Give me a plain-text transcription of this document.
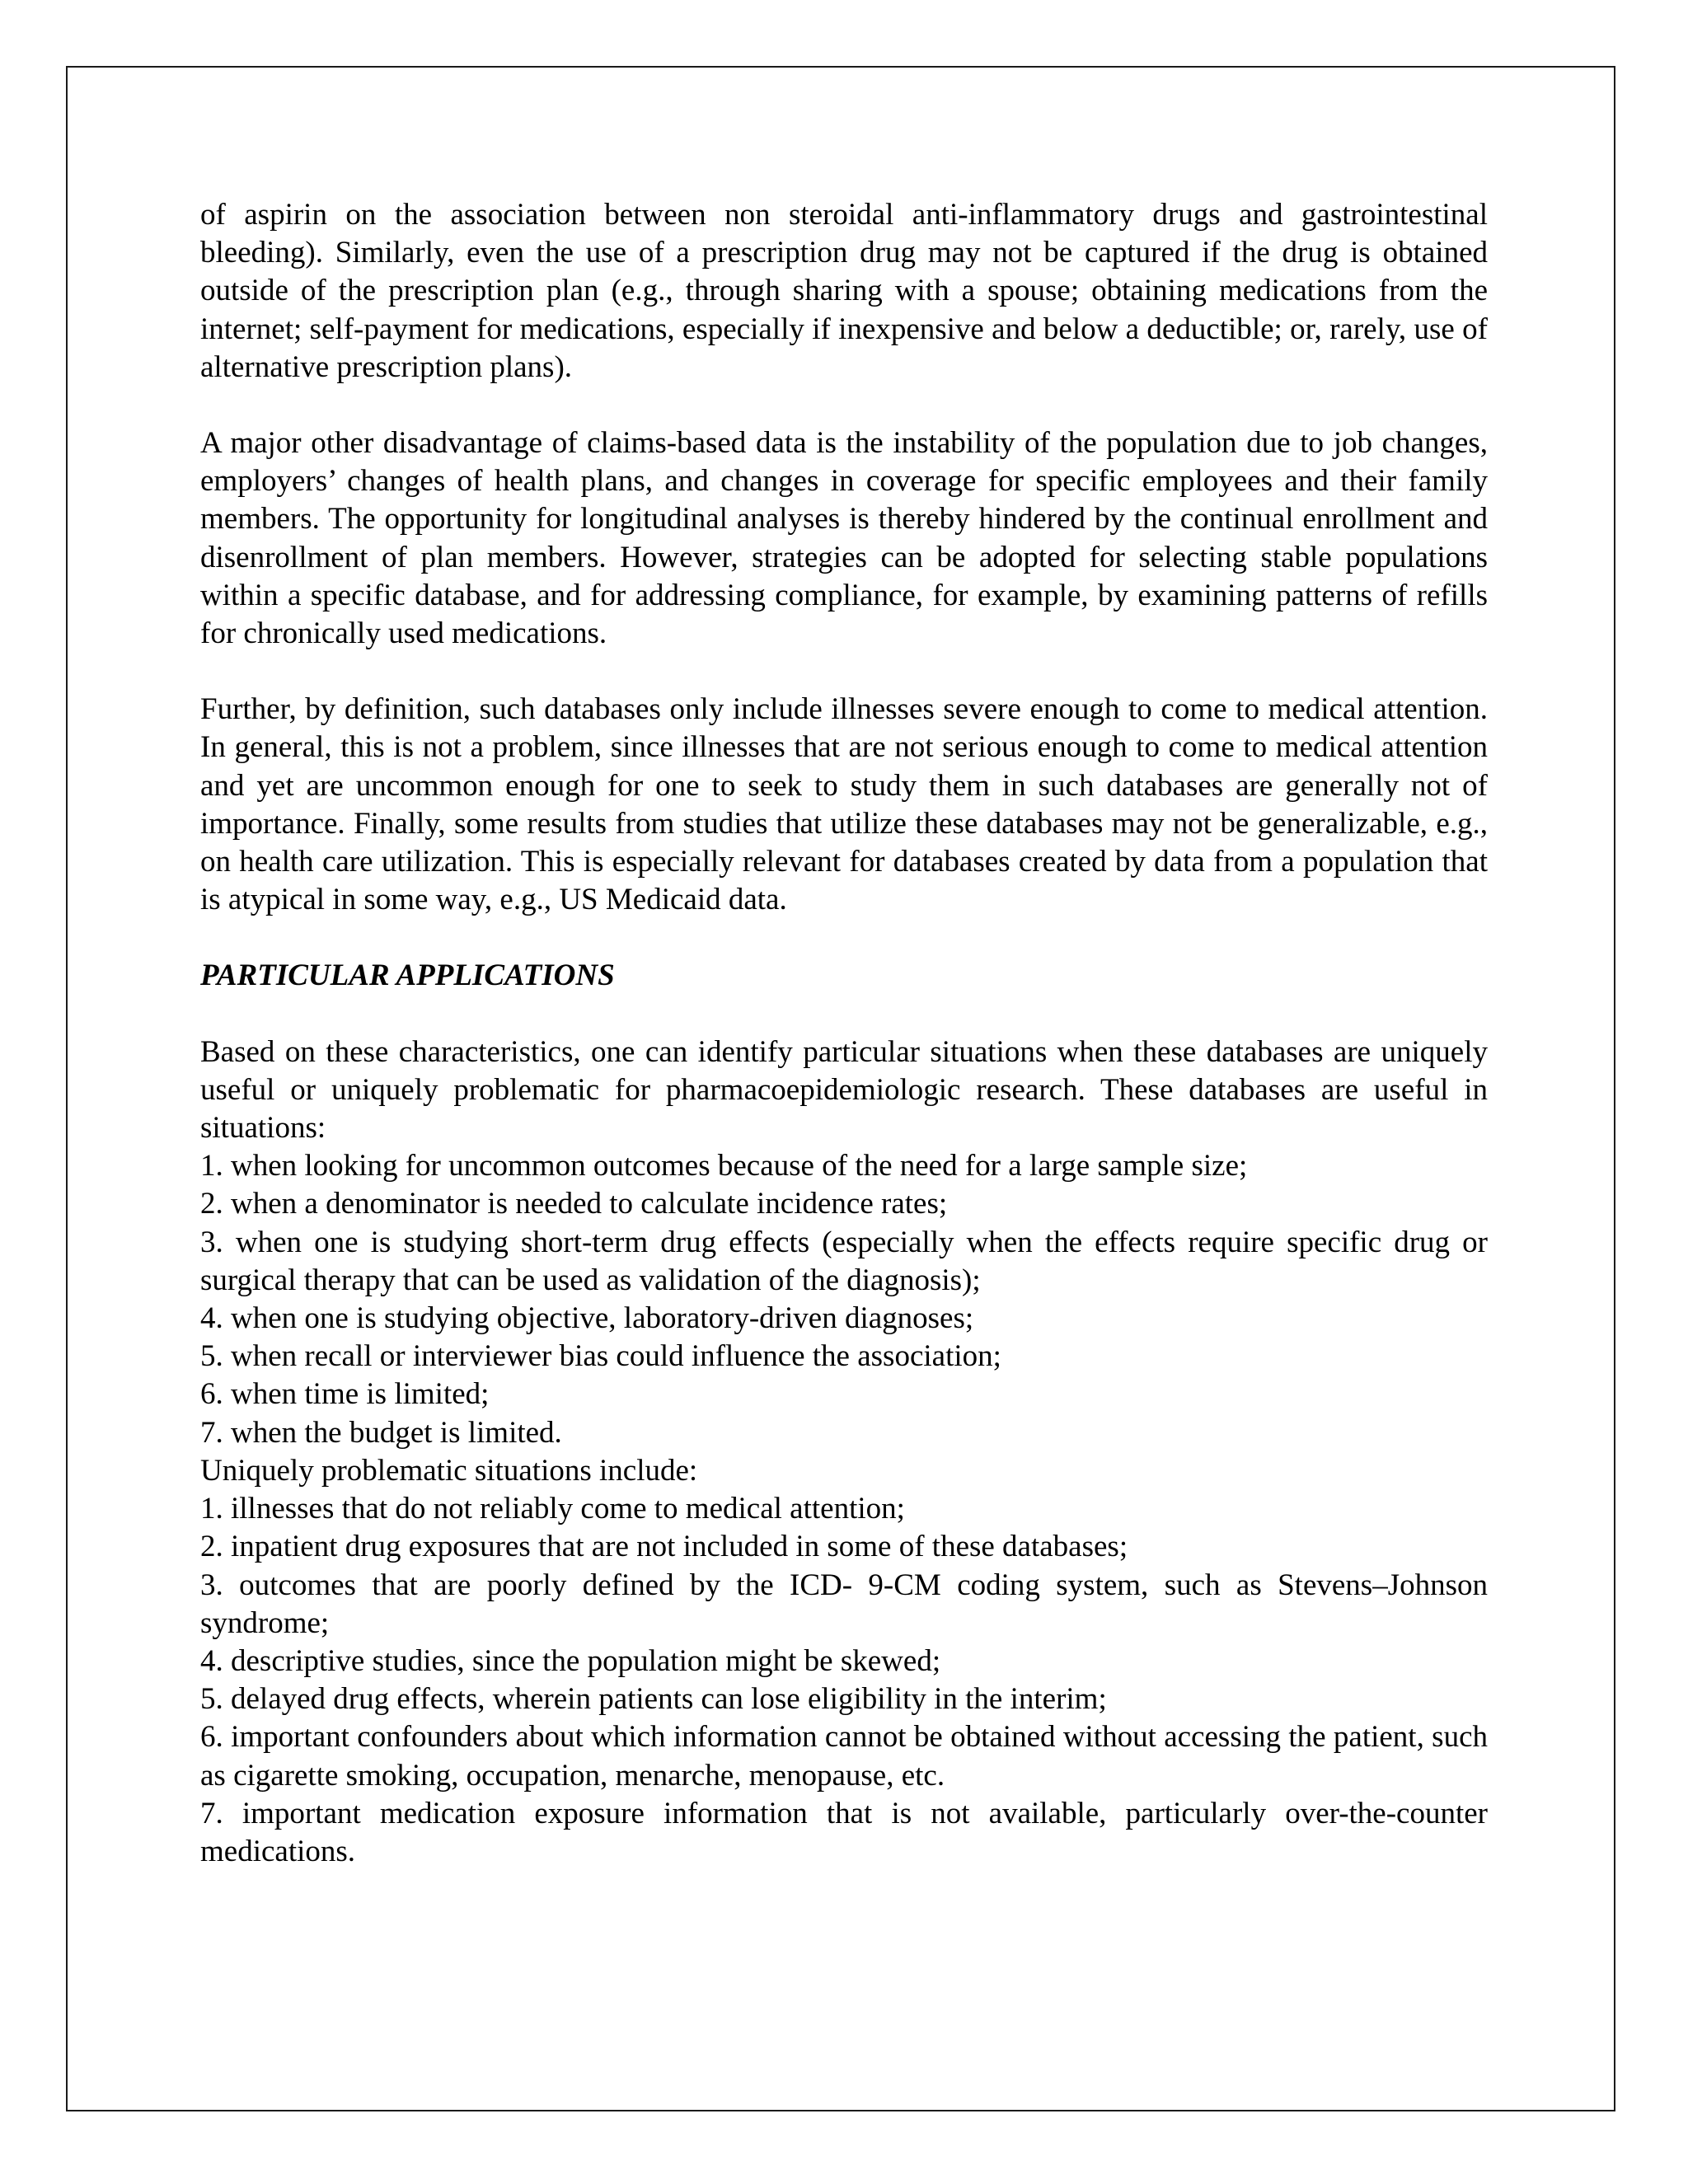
of aspirin on the association between non steroidal anti-inflammatory drugs and gastrointestinal bleeding). Similarly, even the use of a prescription drug may not be captured if the drug is obtained outside of the prescription plan (e.g., through sharing with a spouse; obtaining medications from the internet; self-payment for medications, especially if inexpensive and below a deductible; or, rarely, use of alternative prescription plans).

A major other disadvantage of claims-based data is the instability of the population due to job changes, employers’ changes of health plans, and changes in coverage for specific employees and their family members. The opportunity for longitudinal analyses is thereby hindered by the continual enrollment and disenrollment of plan members. However, strategies can be adopted for selecting stable populations within a specific database, and for addressing compliance, for example, by examining patterns of refills for chronically used medications.

Further, by definition, such databases only include illnesses severe enough to come to medical attention. In general, this is not a problem, since illnesses that are not serious enough to come to medical attention and yet are uncommon enough for one to seek to study them in such databases are generally not of importance. Finally, some results from studies that utilize these databases may not be generalizable, e.g., on health care utilization. This is especially relevant for databases created by data from a population that is atypical in some way, e.g., US Medicaid data.

PARTICULAR APPLICATIONS

Based on these characteristics, one can identify particular situations when these databases are uniquely useful or uniquely problematic for pharmacoepidemiologic research. These databases are useful in situations:

1. when looking for uncommon outcomes because of the need for a large sample size;

2. when a denominator is needed to calculate incidence rates;

3. when one is studying short-term drug effects (especially when the effects require specific drug or surgical therapy that can be used as validation of the diagnosis);

4. when one is studying objective, laboratory-driven diagnoses;

5. when recall or interviewer bias could influence the association;

6. when time is limited;

7. when the budget is limited.

Uniquely problematic situations include:

1. illnesses that do not reliably come to medical attention;

2. inpatient drug exposures that are not included in some of these databases;

3. outcomes that are poorly defined by the ICD- 9-CM coding system, such as Stevens–Johnson syndrome;

4. descriptive studies, since the population might be skewed;

5. delayed drug effects, wherein patients can lose eligibility in the interim;

6. important confounders about which information cannot be obtained without accessing the patient, such as cigarette smoking, occupation, menarche, menopause, etc.

7. important medication exposure information that is not available, particularly over-the-counter medications.
